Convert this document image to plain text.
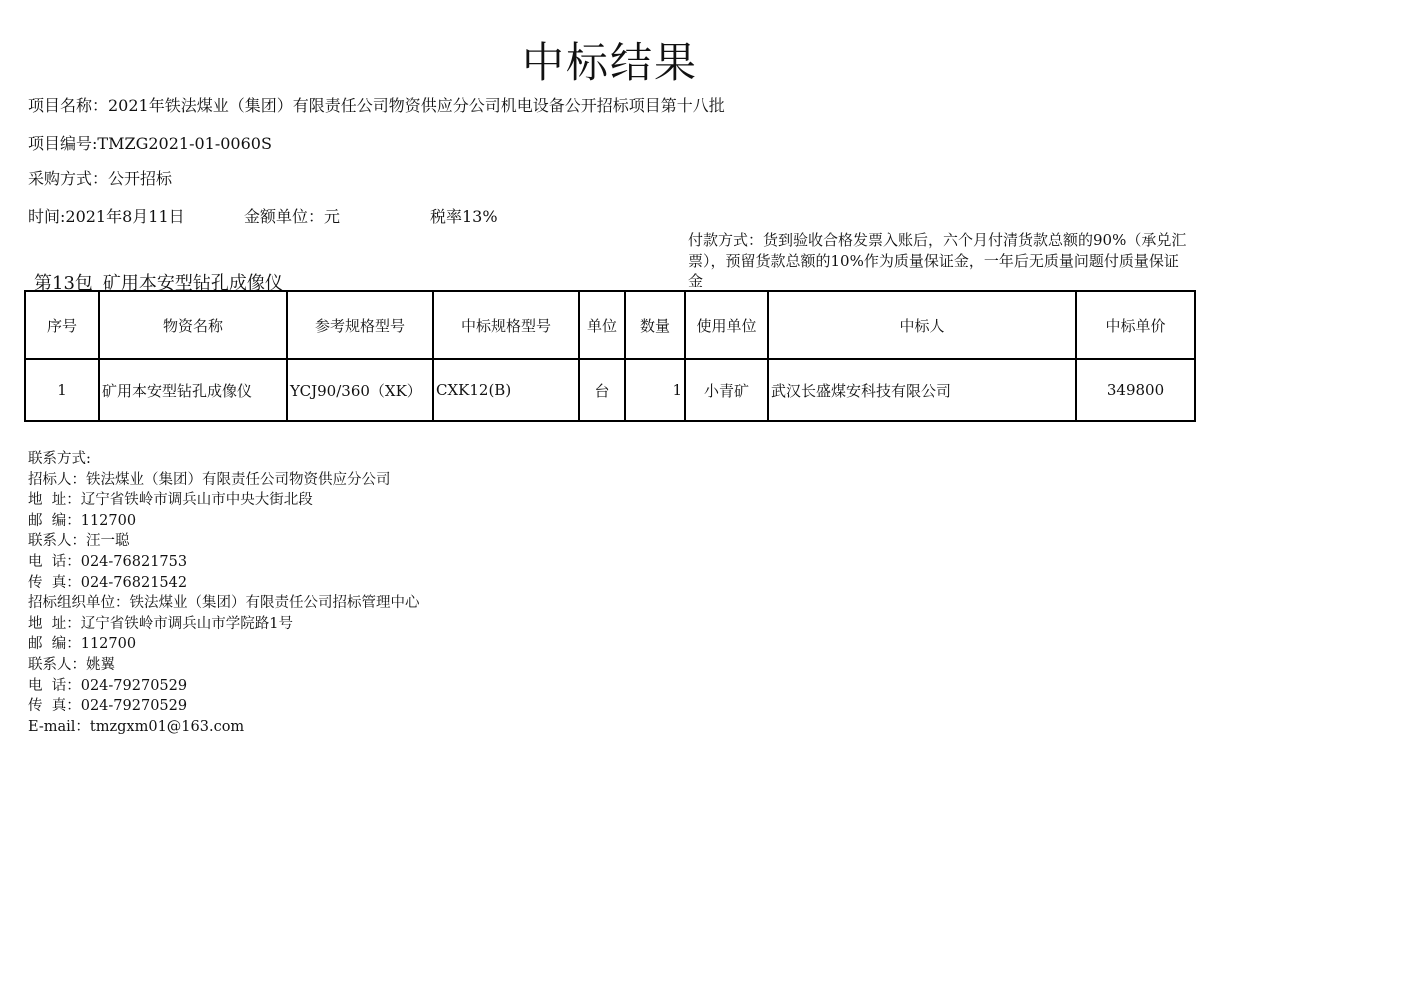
中标结果
项目名称：2021年铁法煤业（集团）有限责任公司物资供应分公司机电设备公开招标项目第十八批
项目编号:TMZG2021-01-0060S
采购方式：公开招标
时间:2021年8月11日	金额单位：元	税率13%
付款方式：货到验收合格发票入账后，六个月付清货款总额的90%（承兑汇票），预留货款总额的10%作为质量保证金，一年后无质量问题付质量保证金
第13包 矿用本安型钻孔成像仪
序号	物资名称	参考规格型号	中标规格型号	单位	数量	使用单位	中标人	中标单价
1	矿用本安型钻孔成像仪	YCJ90/360（XK）	CXK12(B)	台	1	小青矿	武汉长盛煤安科技有限公司	349800
联系方式:
招标人：铁法煤业（集团）有限责任公司物资供应分公司
地  址：辽宁省铁岭市调兵山市中央大街北段
邮  编：112700
联系人：汪一聪
电  话：024-76821753
传  真：024-76821542
招标组织单位：铁法煤业（集团）有限责任公司招标管理中心
地  址：辽宁省铁岭市调兵山市学院路1号
邮  编：112700
联系人：姚翼
电  话：024-79270529
传  真：024-79270529
E-mail：tmzgxm01@163.com
